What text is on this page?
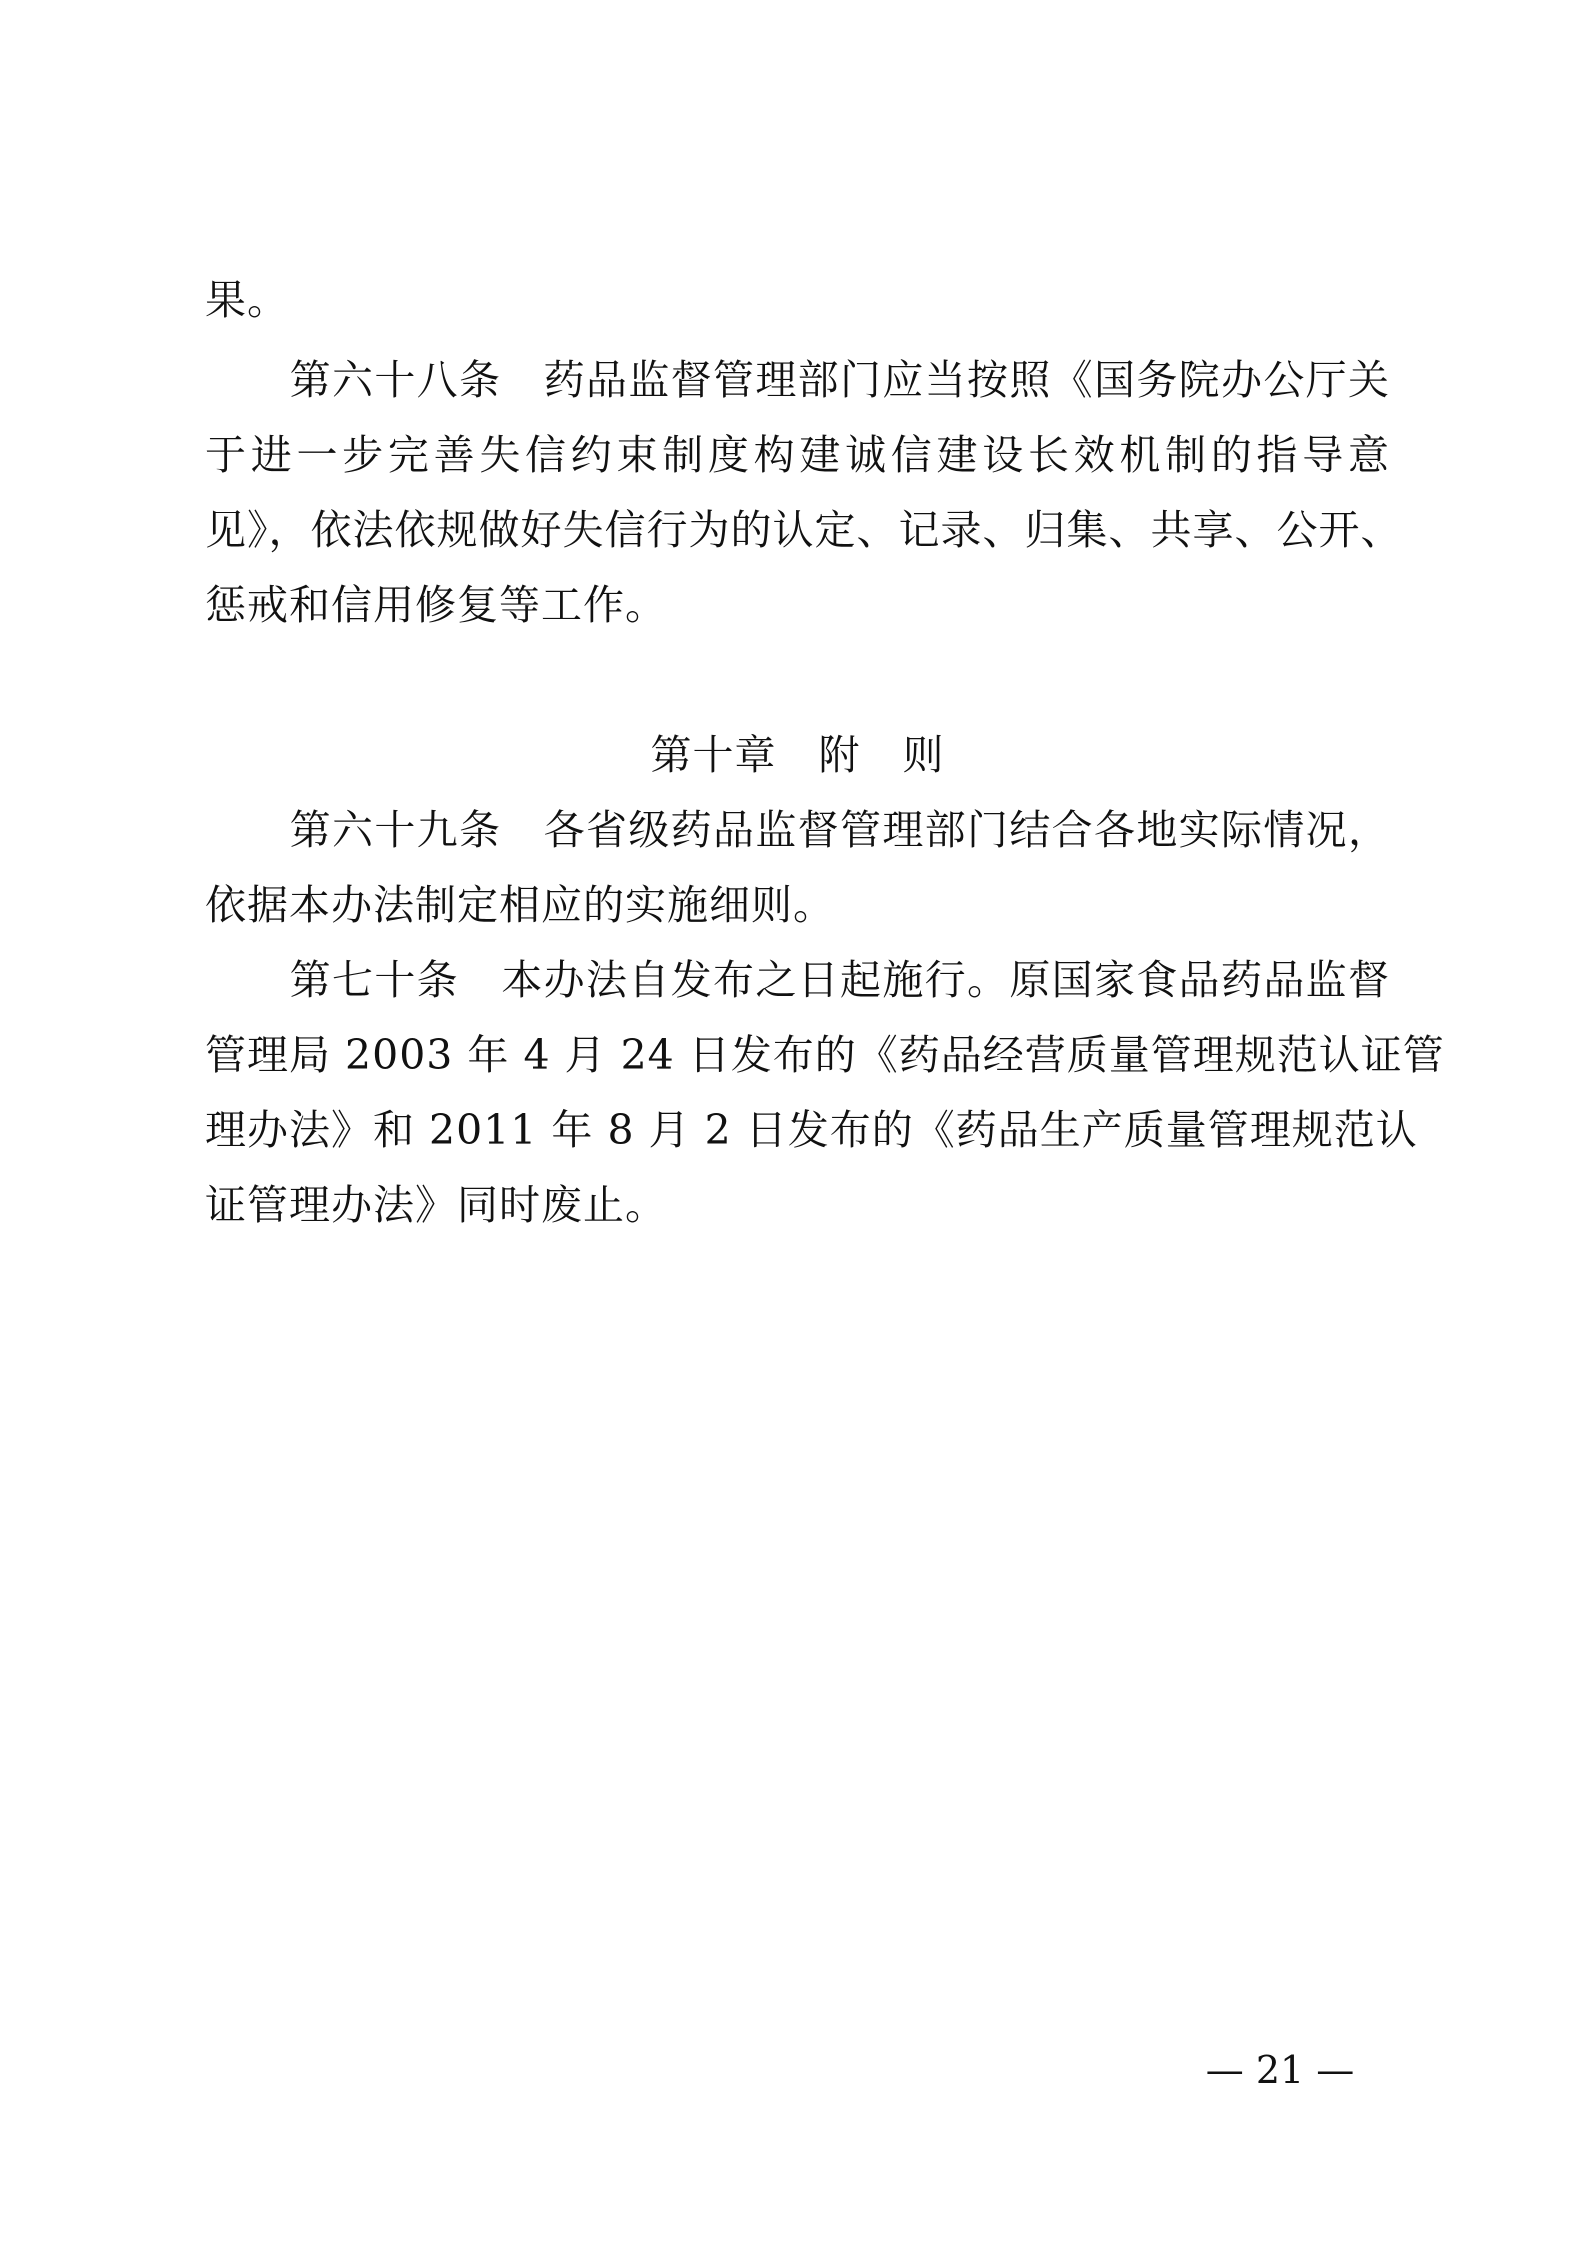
果。
　　第六十八条　药品监督管理部门应当按照《国务院办公厅关
于进一步完善失信约束制度构建诚信建设长效机制的指导意
见》，依法依规做好失信行为的认定、记录、归集、共享、公开、
惩戒和信用修复等工作。
第十章　附　则
　　第六十九条　各省级药品监督管理部门结合各地实际情况，
依据本办法制定相应的实施细则。
　　第七十条　本办法自发布之日起施行。原国家食品药品监督
管理局 2003 年 4 月 24 日发布的《药品经营质量管理规范认证管
理办法》和 2011 年 8 月 2 日发布的《药品生产质量管理规范认
证管理办法》同时废止。
— 21 —
